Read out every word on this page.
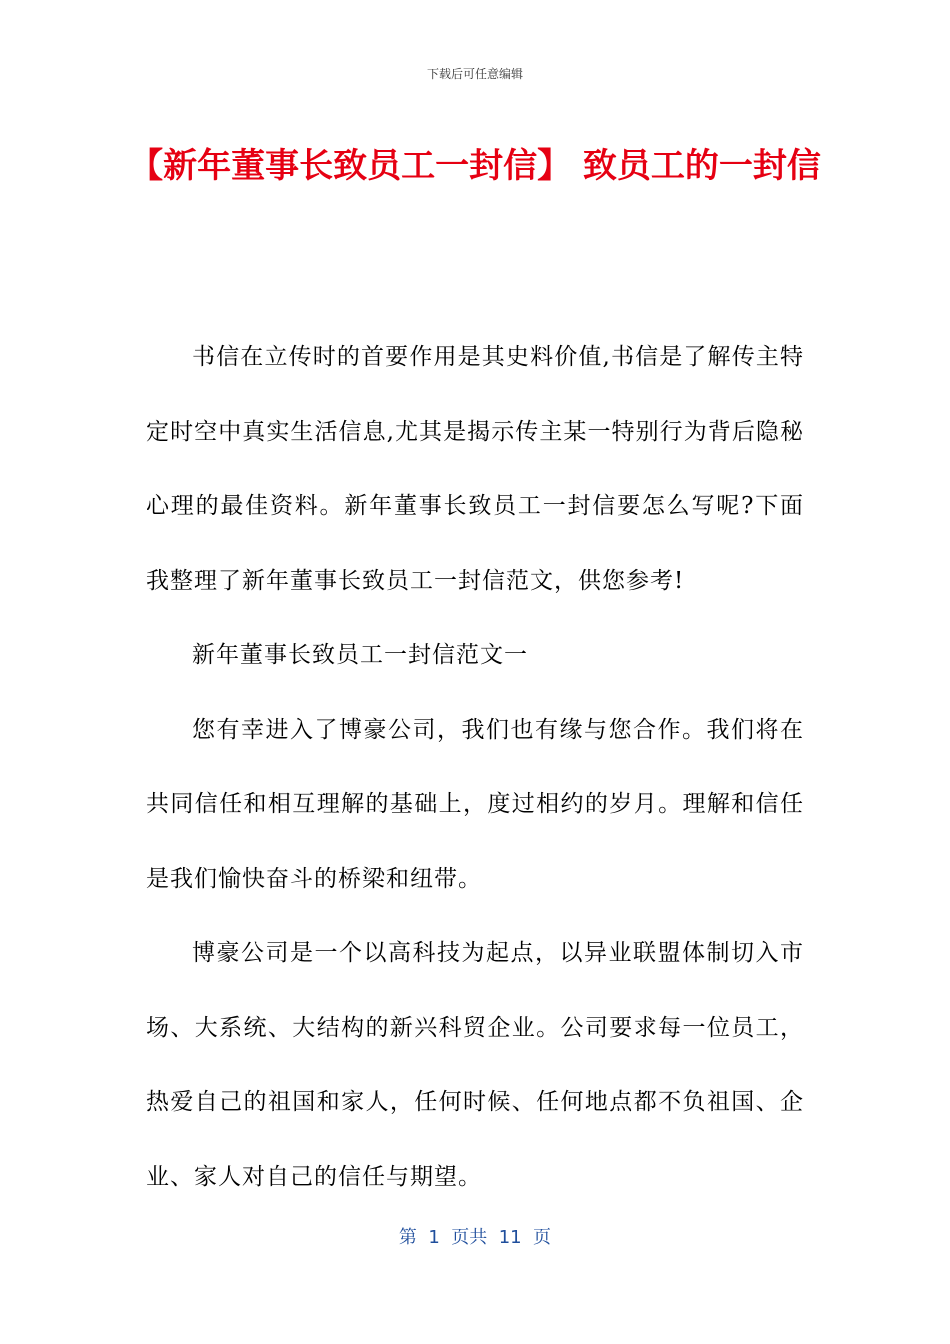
下载后可任意编辑
【新年董事长致员工一封信】 致员工的一封信

书信在立传时的首要作用是其史料价值,书信是了解传主特定时空中真实生活信息,尤其是揭示传主某一特别行为背后隐秘心理的最佳资料。新年董事长致员工一封信要怎么写呢?下面我整理了新年董事长致员工一封信范文，供您参考!

新年董事长致员工一封信范文一

您有幸进入了博豪公司，我们也有缘与您合作。我们将在共同信任和相互理解的基础上，度过相约的岁月。理解和信任是我们愉快奋斗的桥梁和纽带。

博豪公司是一个以高科技为起点，以异业联盟体制切入市场、大系统、大结构的新兴科贸企业。公司要求每一位员工，热爱自己的祖国和家人，任何时候、任何地点都不负祖国、企业、家人对自己的信任与期望。

第  1  页共  11  页
